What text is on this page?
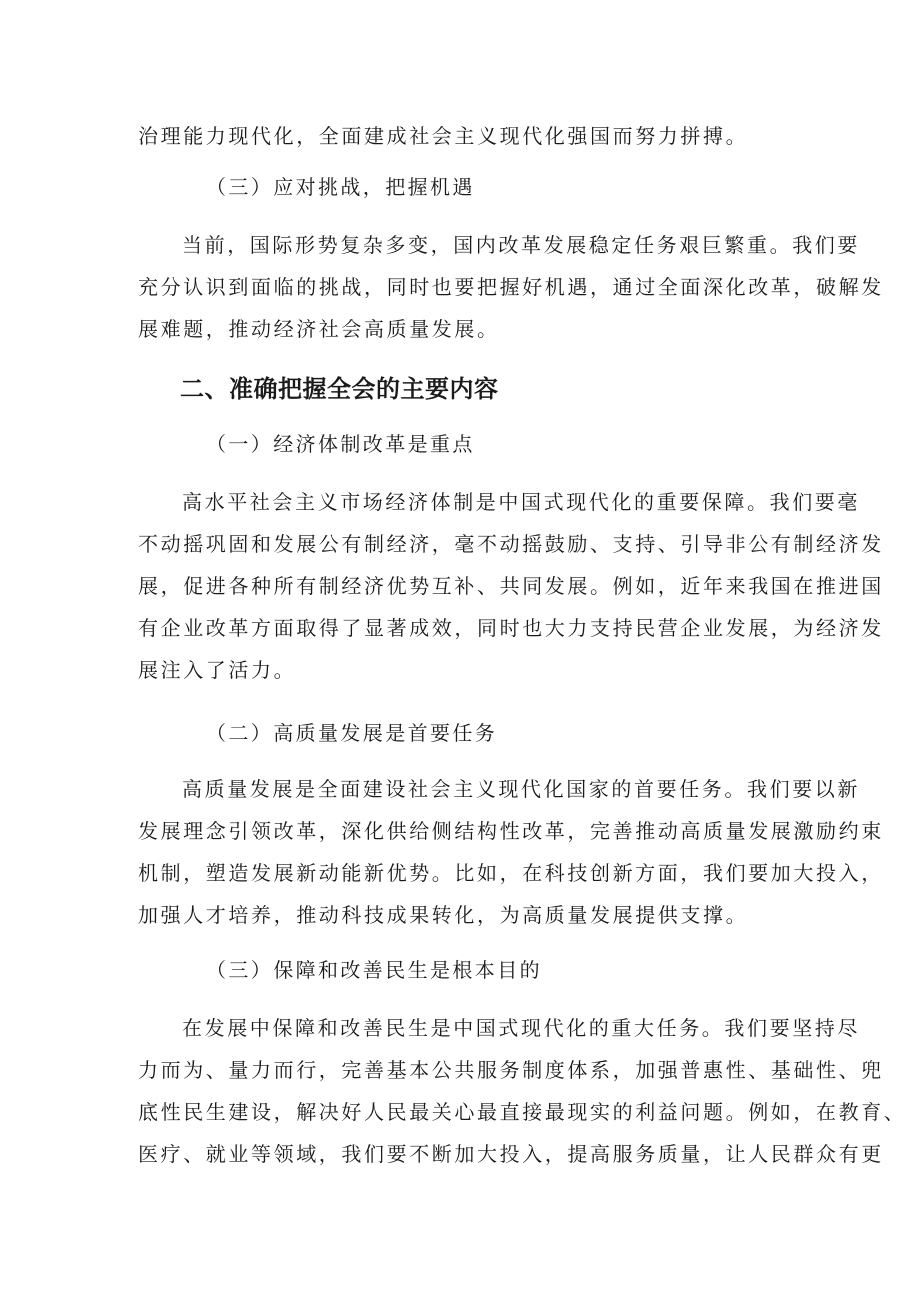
治理能力现代化，全面建成社会主义现代化强国而努力拼搏。
（三）应对挑战，把握机遇
当前，国际形势复杂多变，国内改革发展稳定任务艰巨繁重。我们要
充分认识到面临的挑战，同时也要把握好机遇，通过全面深化改革，破解发
展难题，推动经济社会高质量发展。
二、准确把握全会的主要内容
（一）经济体制改革是重点
高水平社会主义市场经济体制是中国式现代化的重要保障。我们要毫
不动摇巩固和发展公有制经济，毫不动摇鼓励、支持、引导非公有制经济发
展，促进各种所有制经济优势互补、共同发展。例如，近年来我国在推进国
有企业改革方面取得了显著成效，同时也大力支持民营企业发展，为经济发
展注入了活力。
（二）高质量发展是首要任务
高质量发展是全面建设社会主义现代化国家的首要任务。我们要以新
发展理念引领改革，深化供给侧结构性改革，完善推动高质量发展激励约束
机制，塑造发展新动能新优势。比如，在科技创新方面，我们要加大投入，
加强人才培养，推动科技成果转化，为高质量发展提供支撑。
（三）保障和改善民生是根本目的
在发展中保障和改善民生是中国式现代化的重大任务。我们要坚持尽
力而为、量力而行，完善基本公共服务制度体系，加强普惠性、基础性、兜
底性民生建设，解决好人民最关心最直接最现实的利益问题。例如，在教育、
医疗、就业等领域，我们要不断加大投入，提高服务质量，让人民群众有更
